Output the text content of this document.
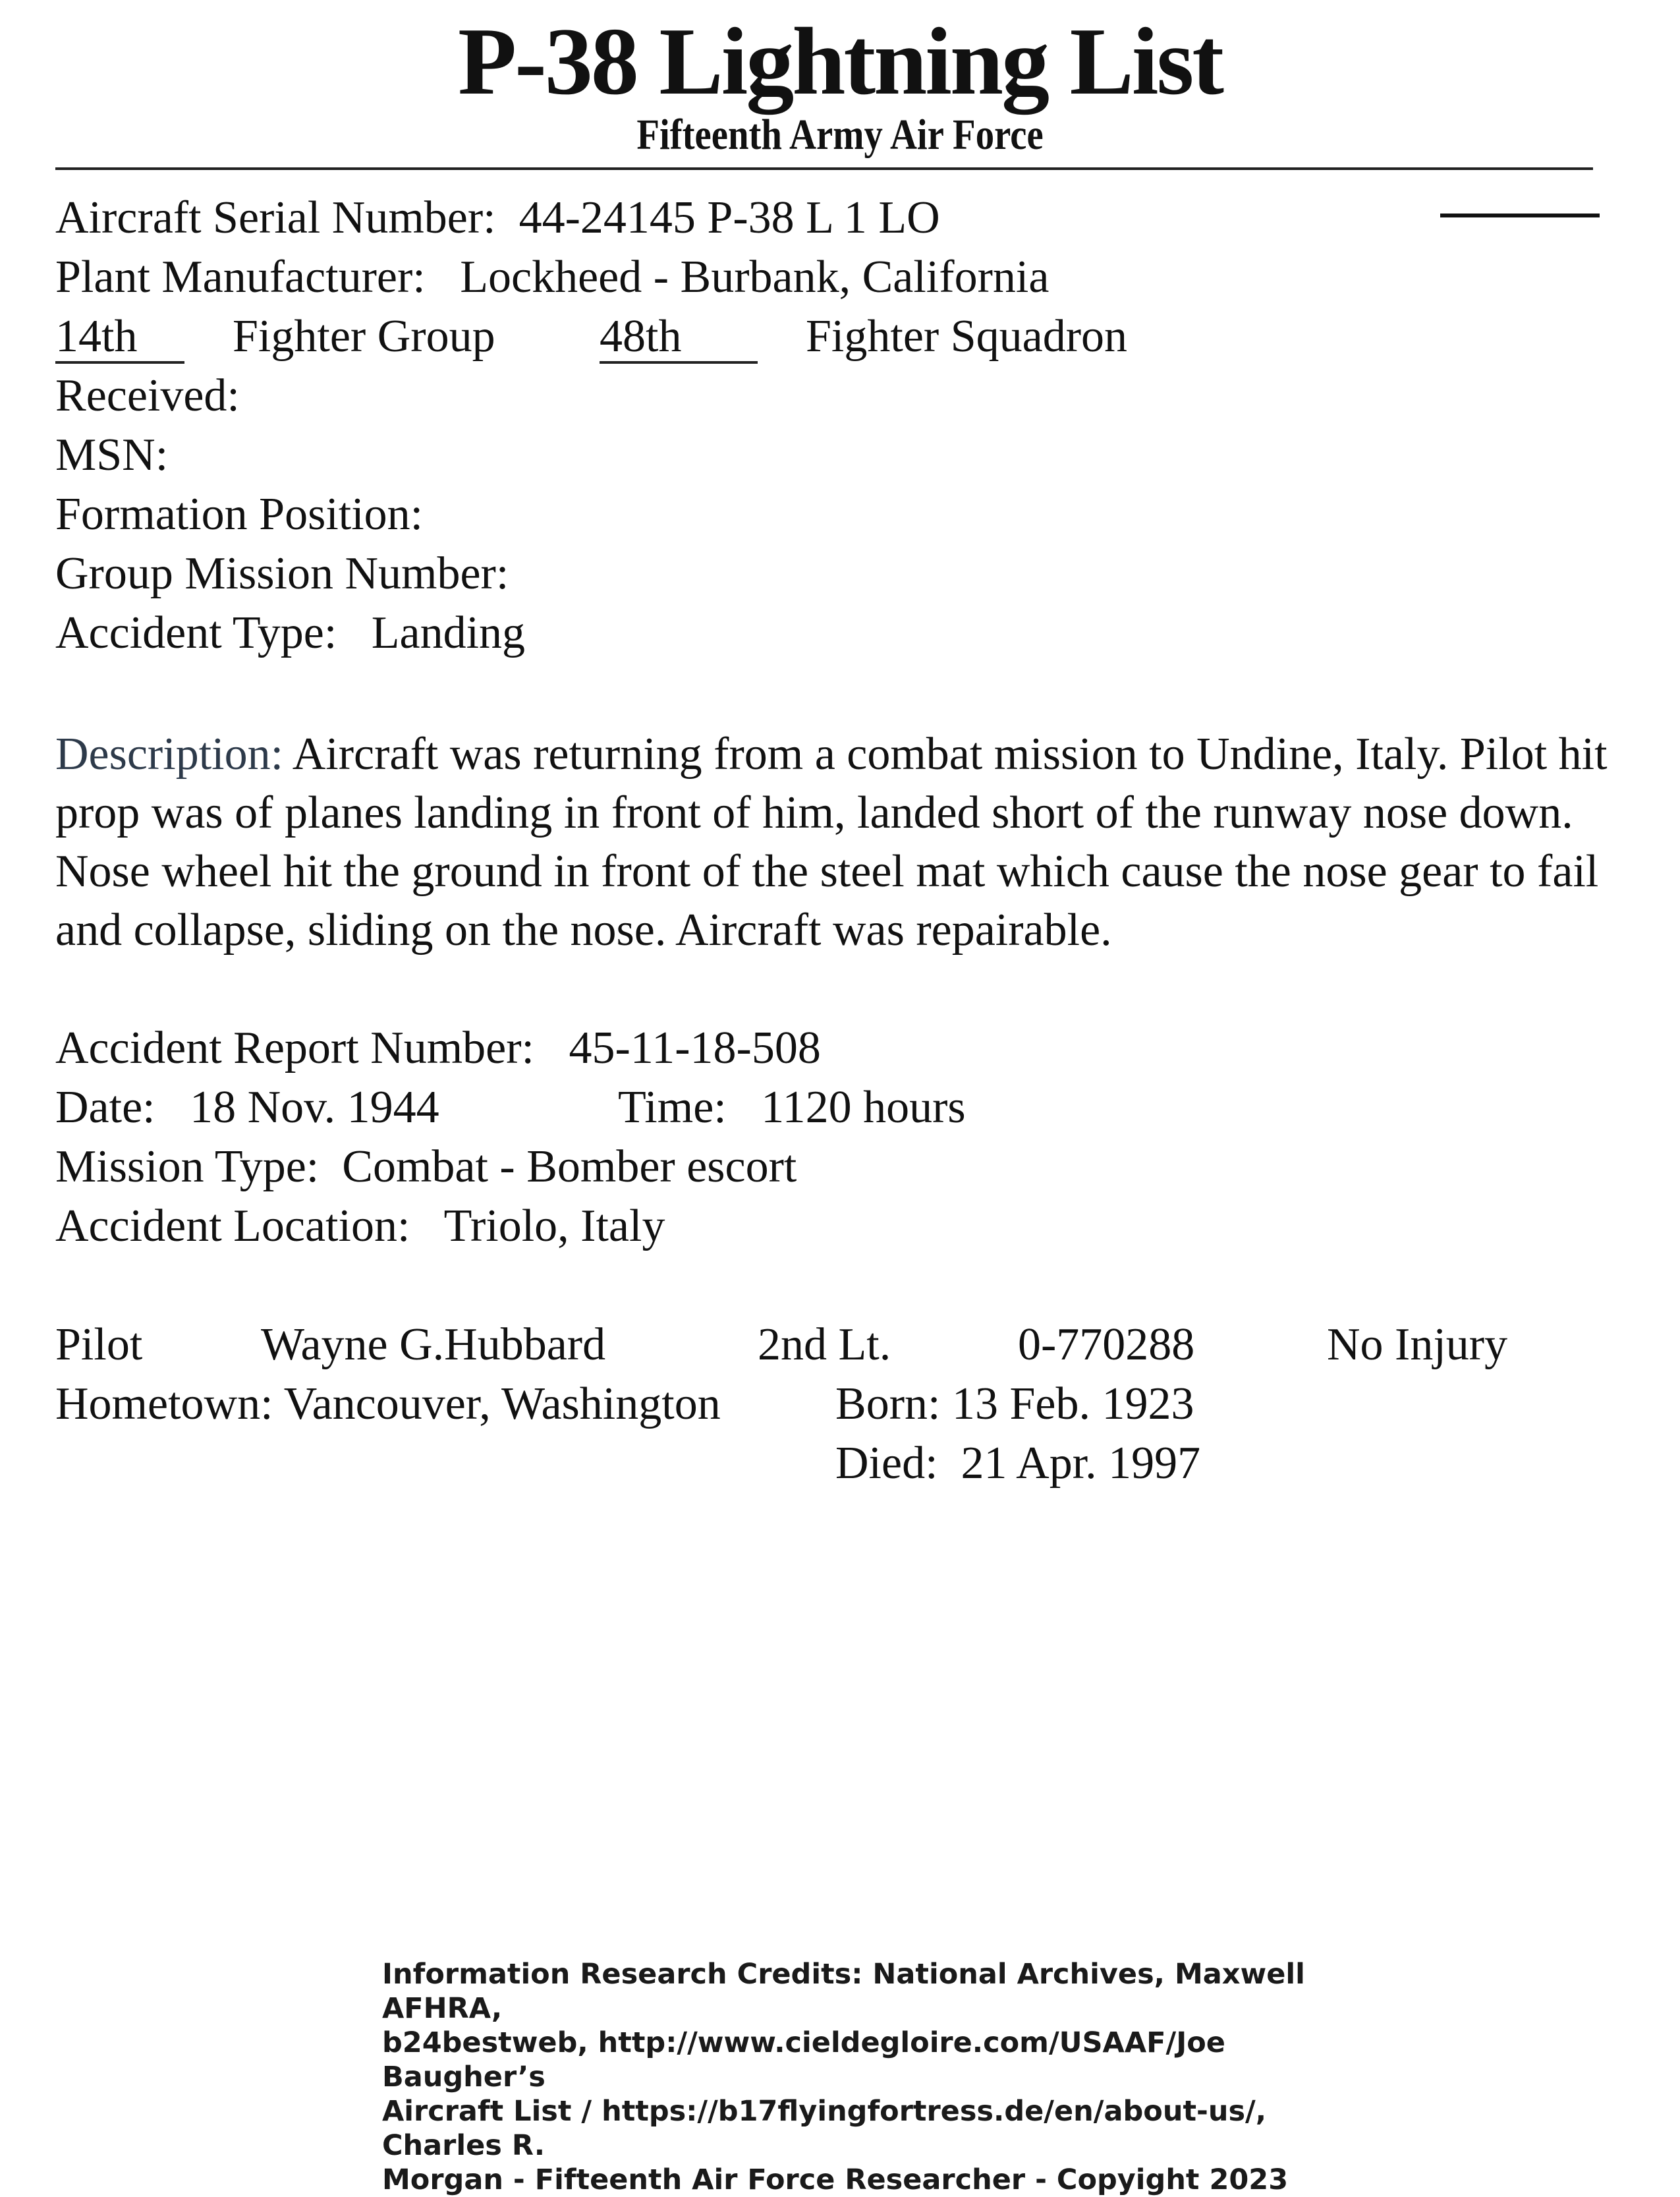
P-38 Lightning List
Fifteenth Army Air Force
Aircraft Serial Number: 44-24145 P-38 L 1 LO
Plant Manufacturer: Lockheed - Burbank, California
14th Fighter Group 48th	Fighter Squadron
Received:
MSN:
Formation Position:
Group Mission Number:
Accident Type: Landing
Description: Aircraft was returning from a combat mission to Undine, Italy. Pilot hit prop was of planes landing in front of him, landed short of the runway nose down. Nose wheel hit the ground in front of the steel mat which cause the nose gear to fail and collapse, sliding on the nose. Aircraft was repairable.
Accident Report Number: 45-11-18-508
Date: 18 Nov. 1944	Time: 1120 hours
Mission Type: Combat - Bomber escort
Accident Location: Triolo, Italy
Pilot	Wayne G.Hubbard	2nd Lt.	0-770288	No Injury
Hometown: Vancouver, Washington Born: 13 Feb. 1923
Died: 21 Apr. 1997
Information Research Credits: National Archives, Maxwell AFHRA,
b24bestweb, http://www.cieldegloire.com/USAAF/Joe Baugher’s
Aircraft List / https://b17flyingfortress.de/en/about-us/, Charles R.
Morgan - Fifteenth Air Force Researcher - Copyight 2023
